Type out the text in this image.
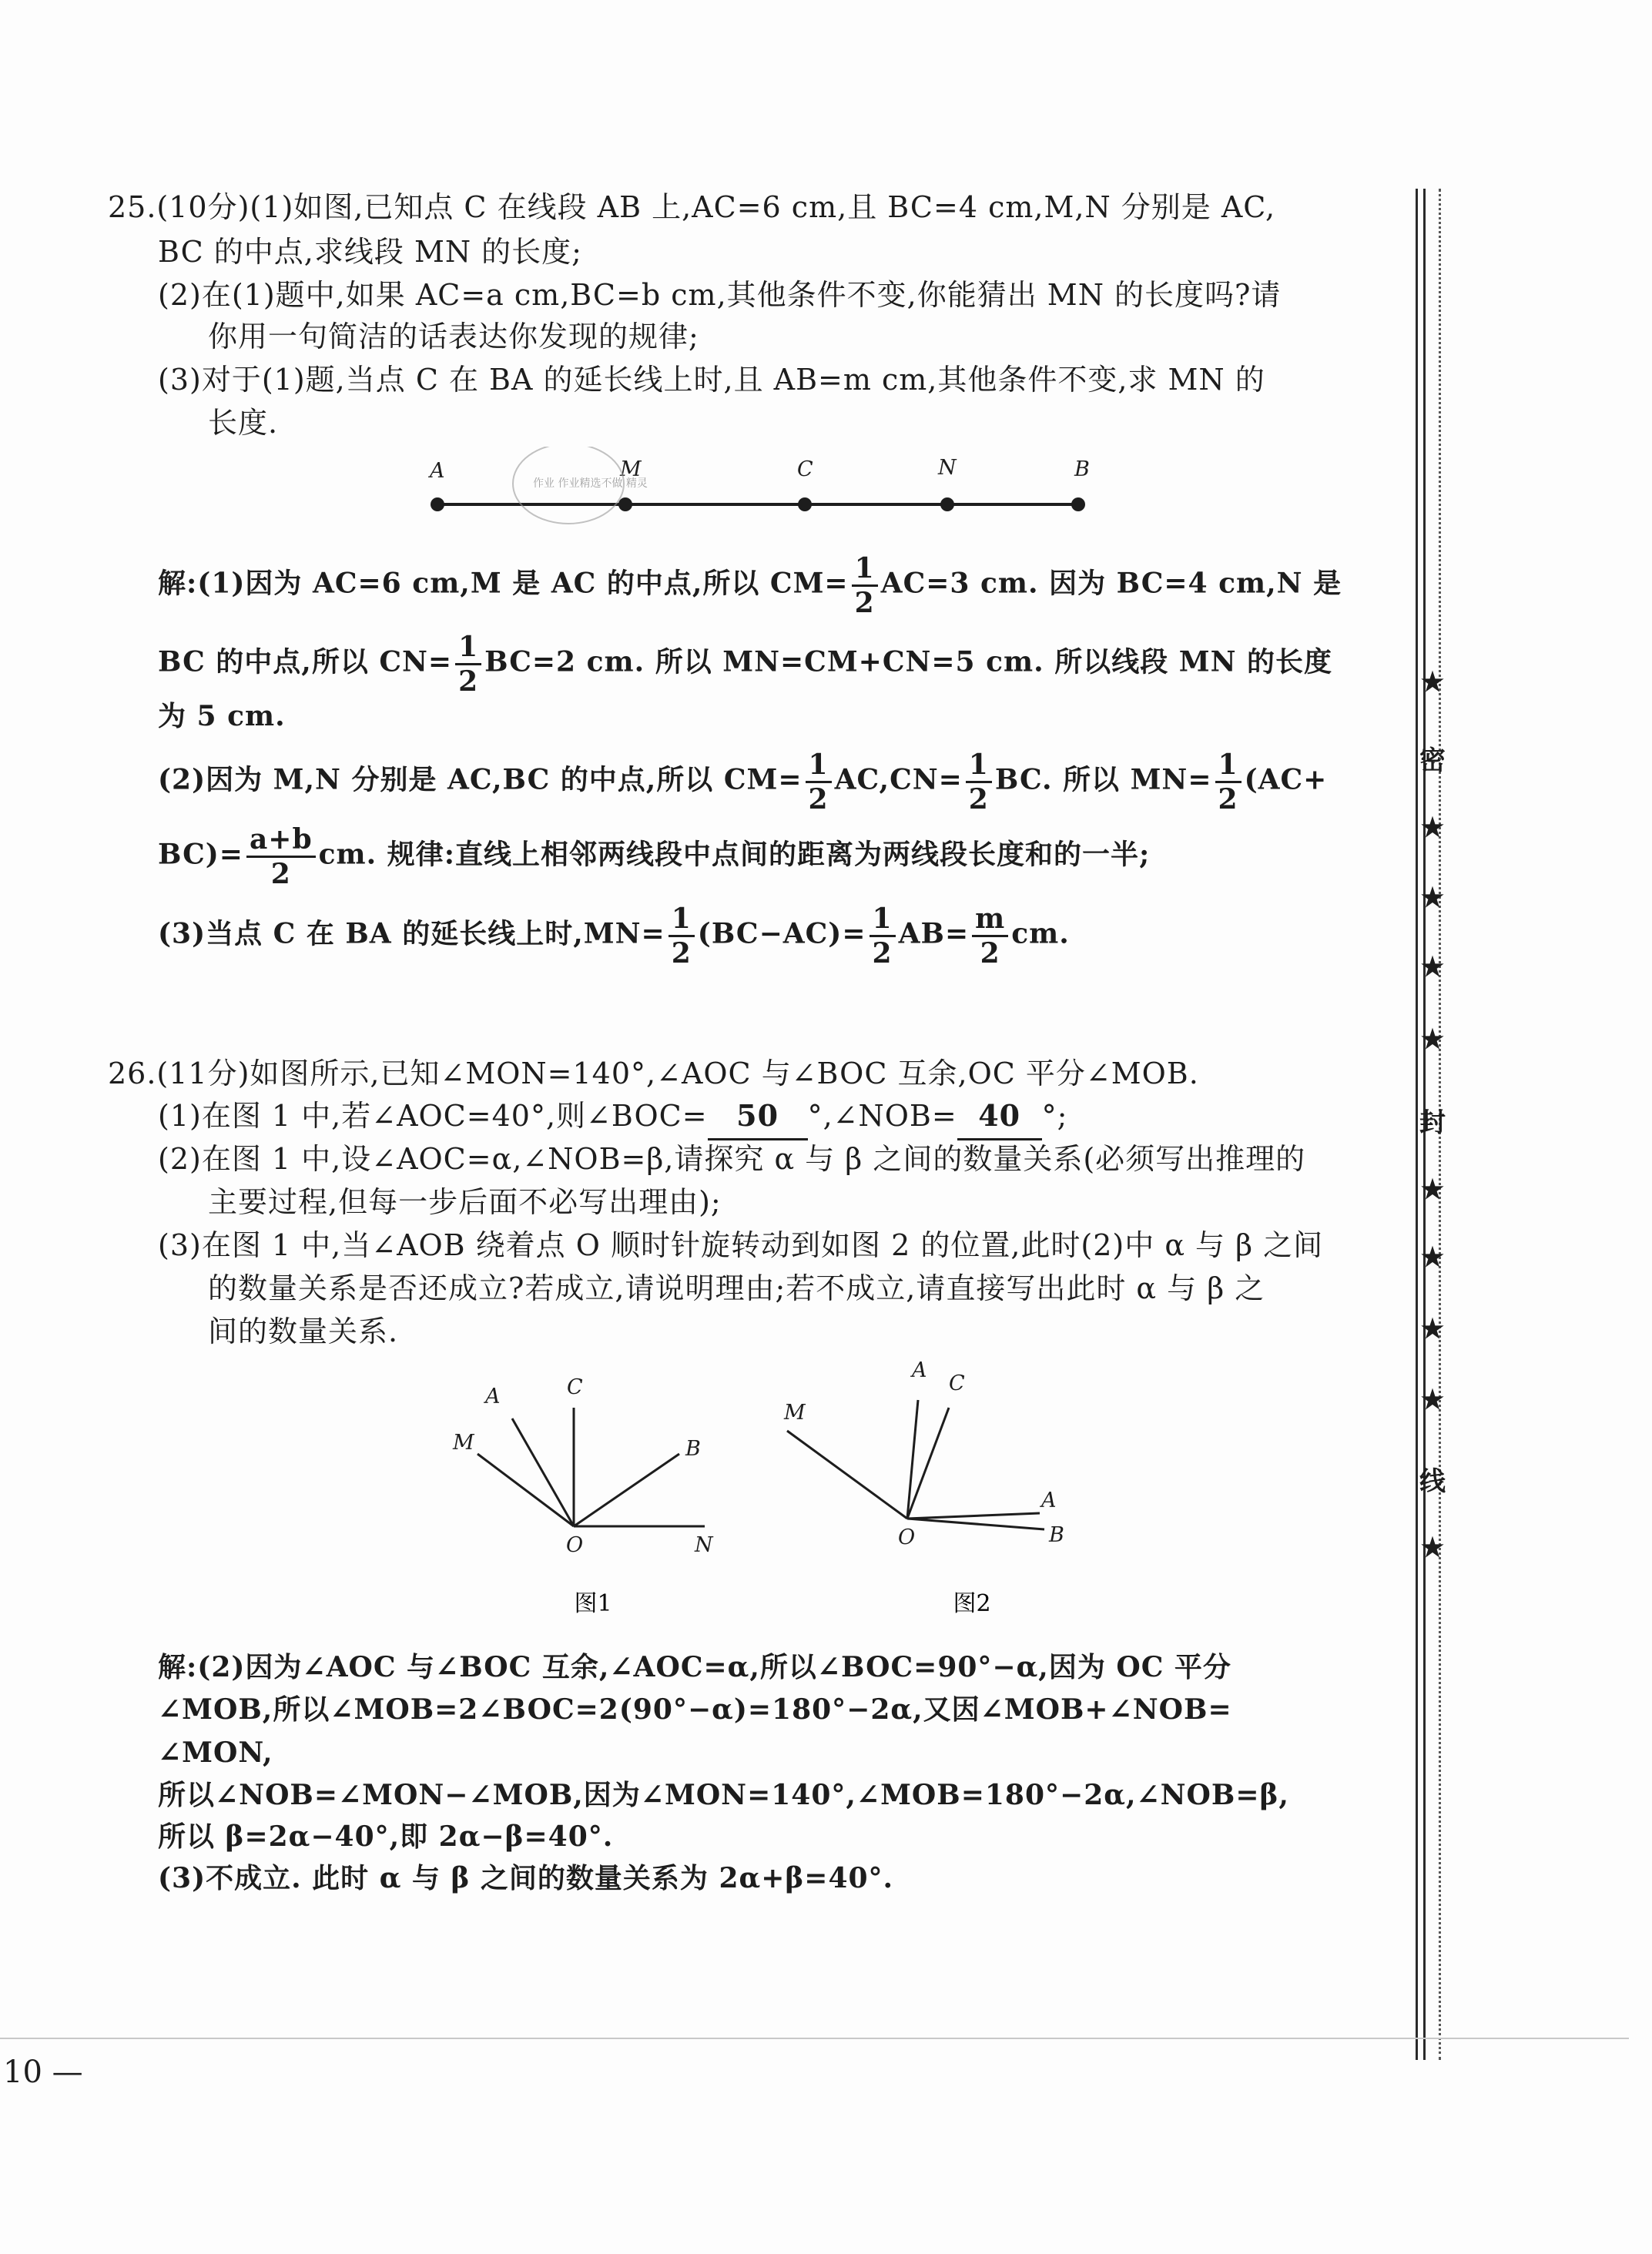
25.(10分)(1)如图,已知点 C 在线段 AB 上,AC=6 cm,且 BC=4 cm,M,N 分别是 AC,
BC 的中点,求线段 MN 的长度;
(2)在(1)题中,如果 AC=a cm,BC=b cm,其他条件不变,你能猜出 MN 的长度吗?请
你用一句简洁的话表达你发现的规律;
(3)对于(1)题,当点 C 在 BA 的延长线上时,且 AB=m cm,其他条件不变,求 MN 的
长度.
A	M	C	N	B
作业 作业精选不做 精灵
解:(1)因为 AC=6 cm,M 是 AC 的中点,所以 $CM= \frac{1}{2} AC=3$ cm. 因为 BC=4 cm,N 是
BC 的中点,所以 $CN= \frac{1}{2} BC=2$ cm. 所以 MN=CM+CN=5 cm. 所以线段 MN 的长度
为 5 cm.
(2)因为 M,N 分别是 AC,BC 的中点,所以 $CM= \frac{1}{2} AC,CN= \frac{1}{2}$ BC. 所以 $MN= \frac{1}{2} (AC+$
$BC)= \frac{a+b}{2}$ cm. 规律:直线上相邻两线段中点间的距离为两线段长度和的一半;
(3)当点 C 在 BA 的延长线上时$,MN= \frac{1}{2} (BC-AC)= \frac{1}{2} AB= \frac{m}{2}$ cm.
26.(11分)如图所示,已知∠MON=140°,∠AOC 与∠BOC 互余,OC 平分∠MOB.
(1)在图 1 中,若∠AOC=40°,则∠BOC= 50 °,∠NOB= 40 °;
(2)在图 1 中,设∠AOC=α,∠NOB=β,请探究 α 与 β 之间的数量关系(必须写出推理的
主要过程,但每一步后面不必写出理由);
(3)在图 1 中,当∠AOB 绕着点 O 顺时针旋转动到如图 2 的位置,此时(2)中 α 与 β 之间
的数量关系是否还成立?若成立,请说明理由;若不成立,请直接写出此时 α 与 β 之
间的数量关系.
A	C
M	B
O	N
图1
A
C
M
A
O	B
图2
解:(2)因为∠AOC 与∠BOC 互余,∠AOC=α,所以∠BOC=90°−α,因为 OC 平分
∠MOB,所以∠MOB=2∠BOC=2(90°−α)=180°−2α,又因∠MOB+∠NOB=
∠MON,
所以∠NOB=∠MON−∠MOB,因为∠MON=140°,∠MOB=180°−2α,∠NOB=β,
所以 β=2α−40°,即 2α−β=40°.
(3)不成立. 此时 α 与 β 之间的数量关系为 2α+β=40°.
★
密
★
★
★
★
封
★
★
★
★
线
★
10 —
